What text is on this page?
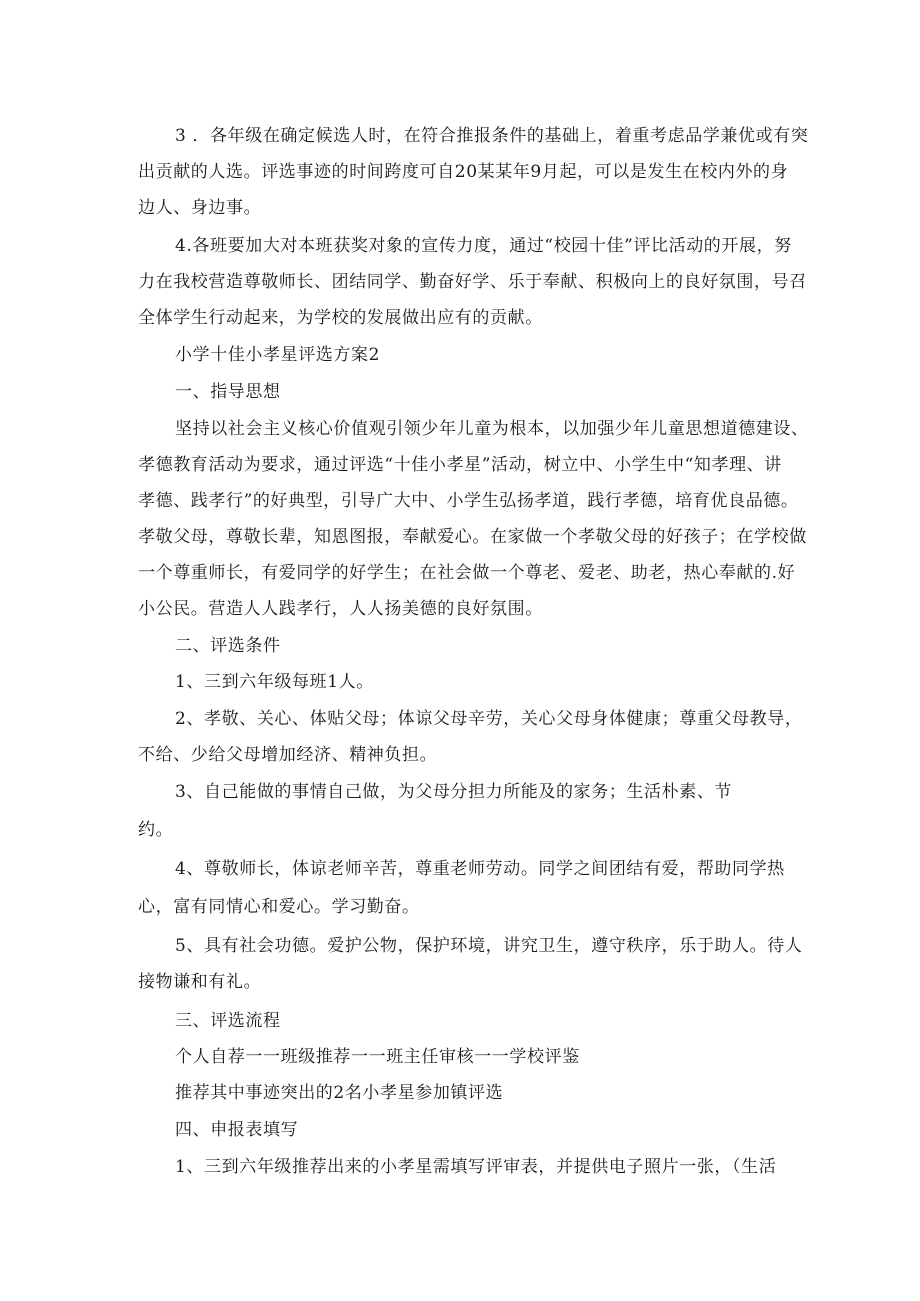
3 ．各年级在确定候选人时，在符合推报条件的基础上，着重考虑品学兼优或有突
出贡献的人选。评选事迹的时间跨度可自20某某年9月起，可以是发生在校内外的身
边人、身边事。
4.各班要加大对本班获奖对象的宣传力度，通过“校园十佳”评比活动的开展，努
力在我校营造尊敬师长、团结同学、勤奋好学、乐于奉献、积极向上的良好氛围，号召
全体学生行动起来，为学校的发展做出应有的贡献。
小学十佳小孝星评选方案2
一、指导思想
坚持以社会主义核心价值观引领少年儿童为根本，以加强少年儿童思想道德建设、
孝德教育活动为要求，通过评选“十佳小孝星”活动，树立中、小学生中“知孝理、讲
孝德、践孝行”的好典型，引导广大中、小学生弘扬孝道，践行孝德，培育优良品德。
孝敬父母，尊敬长辈，知恩图报，奉献爱心。在家做一个孝敬父母的好孩子；在学校做
一个尊重师长，有爱同学的好学生；在社会做一个尊老、爱老、助老，热心奉献的.好
小公民。营造人人践孝行，人人扬美德的良好氛围。
二、评选条件
1、三到六年级每班1人。
2、孝敬、关心、体贴父母；体谅父母辛劳，关心父母身体健康；尊重父母教导，
不给、少给父母增加经济、精神负担。
3、自己能做的事情自己做，为父母分担力所能及的家务；生活朴素、节
约。
4、尊敬师长，体谅老师辛苦，尊重老师劳动。同学之间团结有爱，帮助同学热
心，富有同情心和爱心。学习勤奋。
5、具有社会功德。爱护公物，保护环境，讲究卫生，遵守秩序，乐于助人。待人
接物谦和有礼。
三、评选流程
个人自荐一一班级推荐一一班主任审核一一学校评鉴
推荐其中事迹突出的2名小孝星参加镇评选
四、申报表填写
1、三到六年级推荐出来的小孝星需填写评审表，并提供电子照片一张，（生活
